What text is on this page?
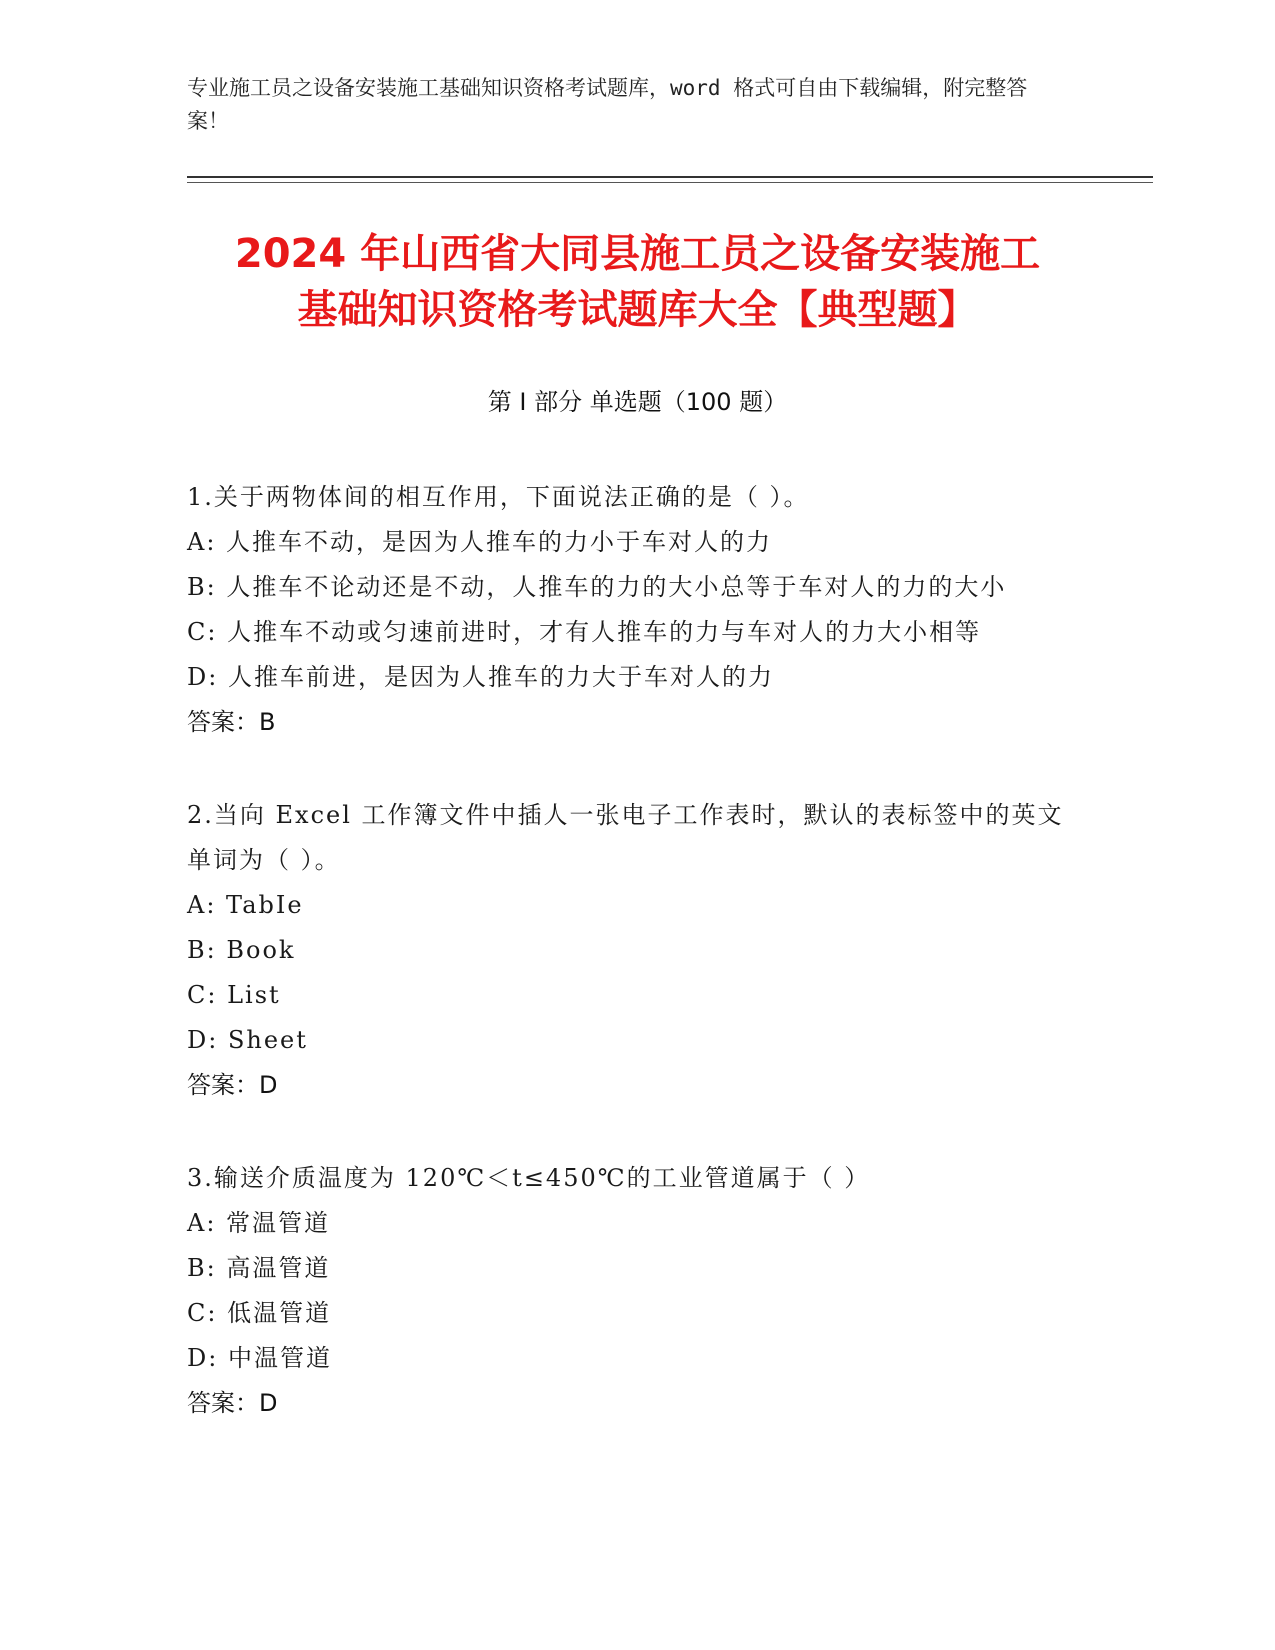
专业施工员之设备安装施工基础知识资格考试题库，word 格式可自由下载编辑，附完整答案！
2024 年山西省大同县施工员之设备安装施工
基础知识资格考试题库大全【典型题】
第 I 部分 单选题（100 题）
1.关于两物体间的相互作用，下面说法正确的是（ ）。
A: 人推车不动，是因为人推车的力小于车对人的力
B: 人推车不论动还是不动，人推车的力的大小总等于车对人的力的大小
C: 人推车不动或匀速前进时，才有人推车的力与车对人的力大小相等
D: 人推车前进，是因为人推车的力大于车对人的力
答案：B
2.当向 Excel 工作簿文件中插人一张电子工作表时，默认的表标签中的英文单词为（ ）。
A: TabIe
B: Book
C: List
D: Sheet
答案：D
3.输送介质温度为 120℃＜t≤450℃的工业管道属于（ ）
A: 常温管道
B: 高温管道
C: 低温管道
D: 中温管道
答案：D
